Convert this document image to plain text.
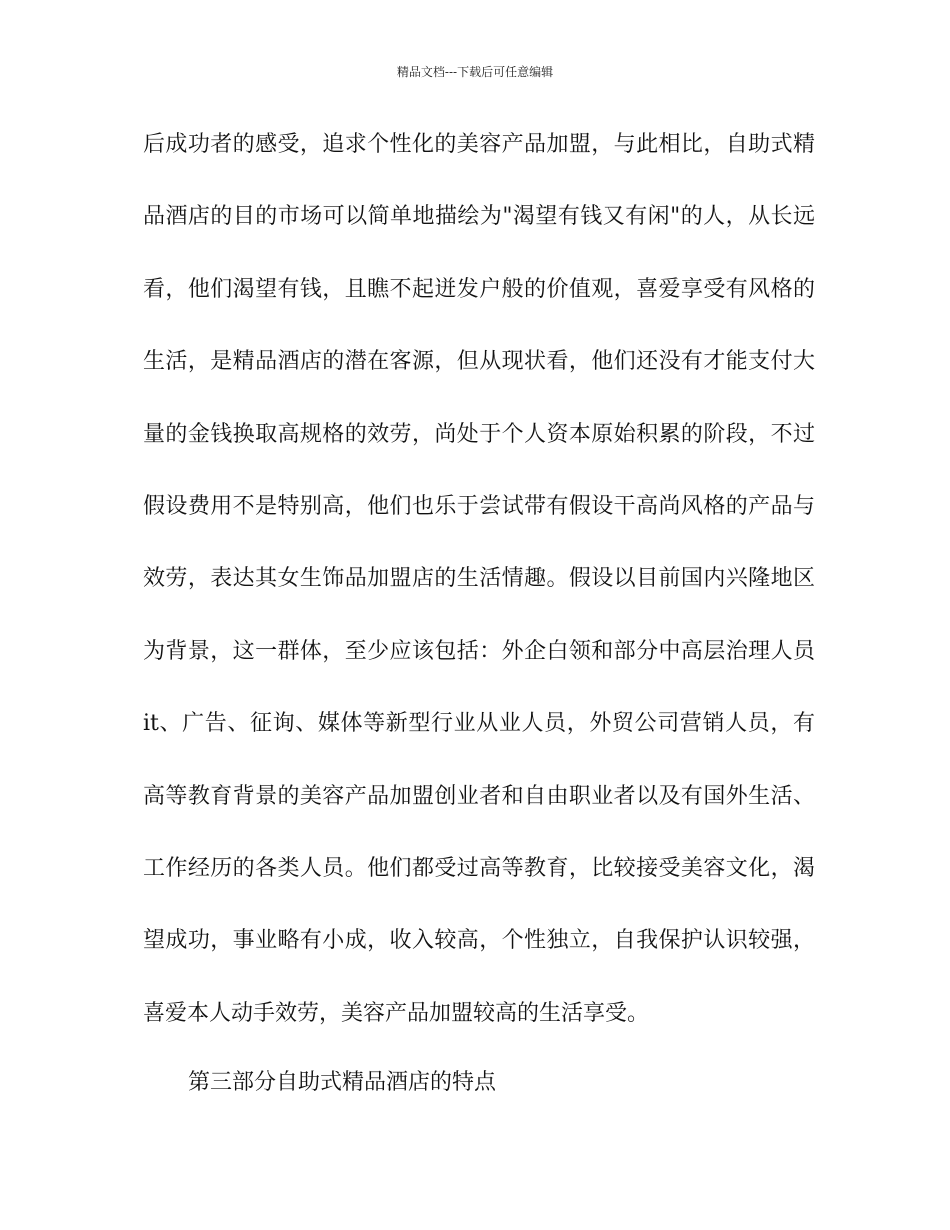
精品文档---下载后可任意编辑
后成功者的感受，追求个性化的美容产品加盟，与此相比，自助式精
品酒店的目的市场可以简单地描绘为"渴望有钱又有闲"的人，从长远
看，他们渴望有钱，且瞧不起迸发户般的价值观，喜爱享受有风格的
生活，是精品酒店的潜在客源，但从现状看，他们还没有才能支付大
量的金钱换取高规格的效劳，尚处于个人资本原始积累的阶段，不过
假设费用不是特别高，他们也乐于尝试带有假设干高尚风格的产品与
效劳，表达其女生饰品加盟店的生活情趣。假设以目前国内兴隆地区
为背景，这一群体，至少应该包括：外企白领和部分中高层治理人员
it、广告、征询、媒体等新型行业从业人员，外贸公司营销人员，有
高等教育背景的美容产品加盟创业者和自由职业者以及有国外生活、
工作经历的各类人员。他们都受过高等教育，比较接受美容文化，渴
望成功，事业略有小成，收入较高，个性独立，自我保护认识较强，
喜爱本人动手效劳，美容产品加盟较高的生活享受。
第三部分自助式精品酒店的特点
